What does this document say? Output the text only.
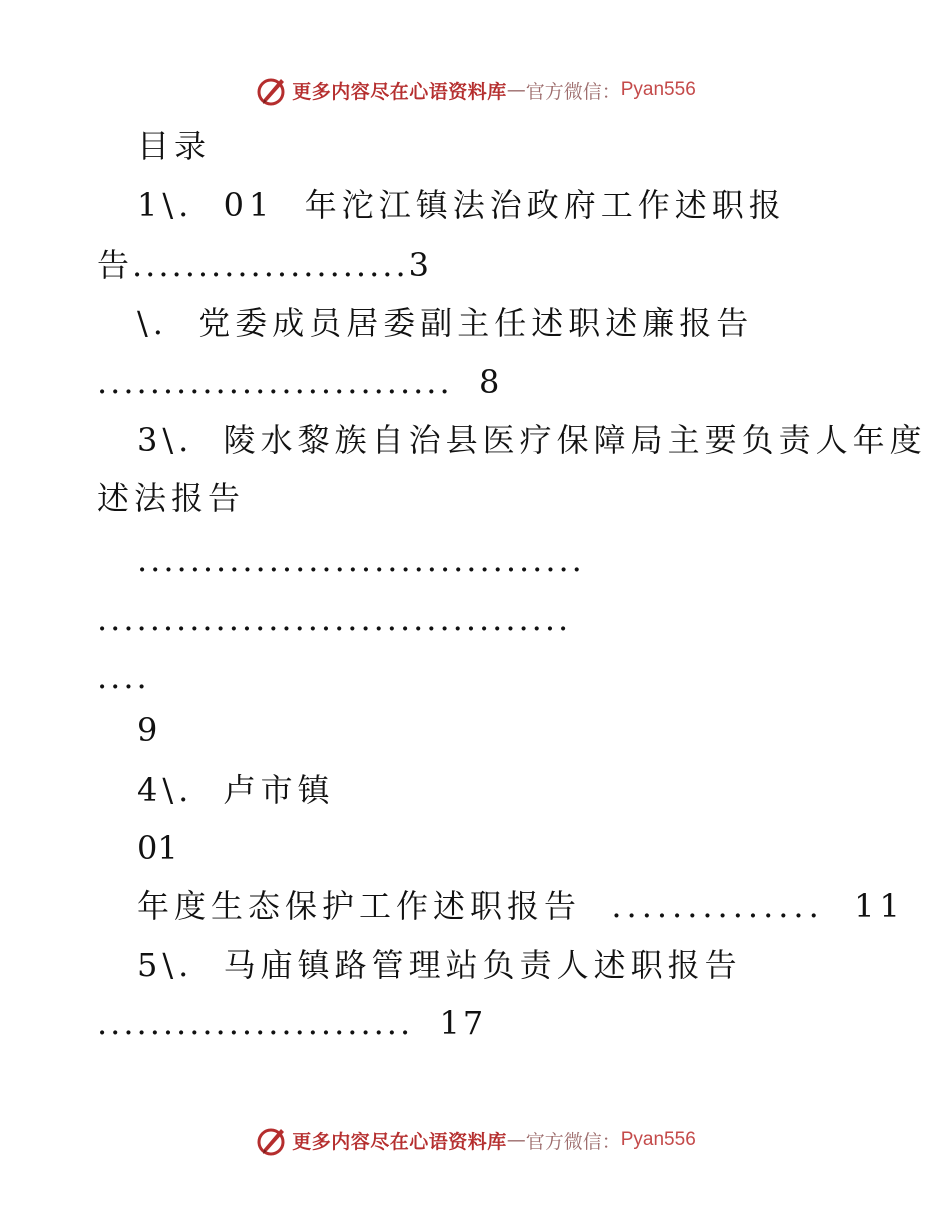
更多内容尽在心语资料库 — 官方微信： Pyan556
目录
1\.  01  年沱江镇法治政府工作述职报
告.....................3
\.  党委成员居委副主任述职述廉报告
...........................  8
3\.  陵水黎族自治县医疗保障局主要负责人年度
述法报告
..................................
....................................
....
9
4\.  卢市镇
01
年度生态保护工作述职报告  ..............  11
5\.  马庙镇路管理站负责人述职报告
........................  17
更多内容尽在心语资料库 — 官方微信： Pyan556
